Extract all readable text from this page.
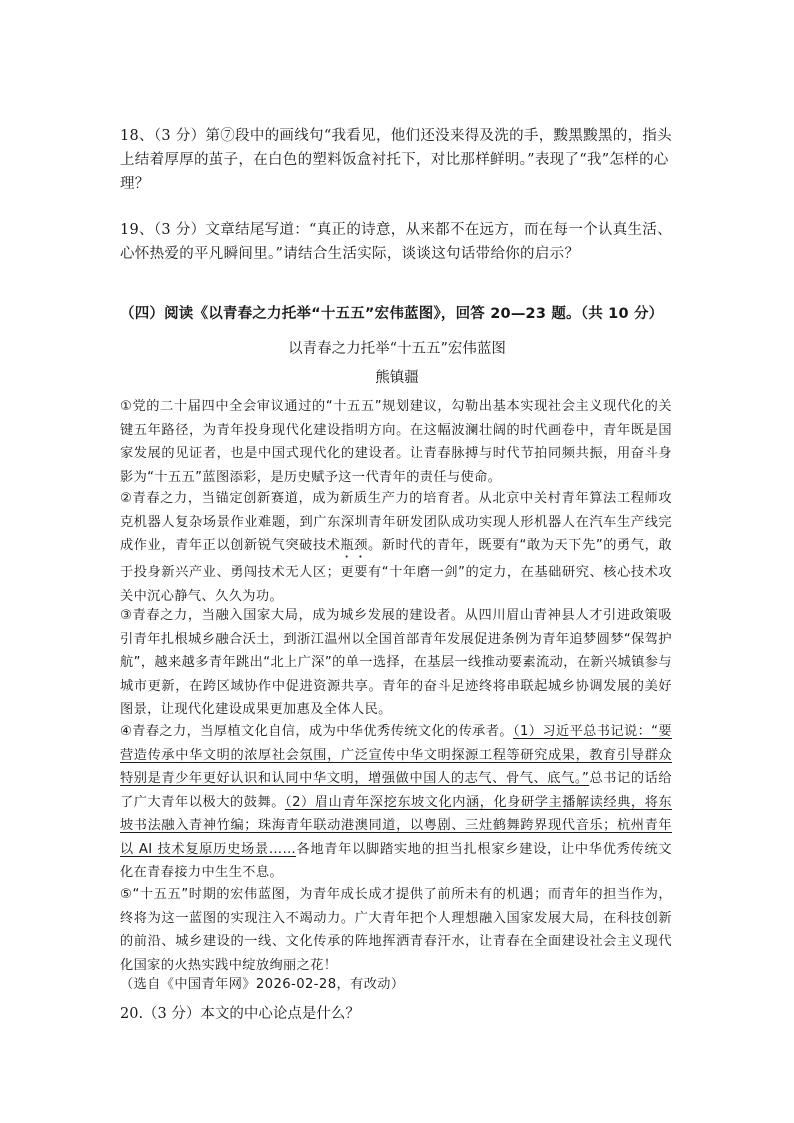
18、（3 分）第⑦段中的画线句“我看见，他们还没来得及洗的手，黢黑黢黑的，指头上结着厚厚的茧子，在白色的塑料饭盒衬托下，对比那样鲜明。”表现了“我”怎样的心理？
19、（3 分）文章结尾写道：“真正的诗意，从来都不在远方，而在每一个认真生活、心怀热爱的平凡瞬间里。”请结合生活实际，谈谈这句话带给你的启示？
（四）阅读《以青春之力托举“十五五”宏伟蓝图》，回答 20—23 题。（共 10 分）
以青春之力托举“十五五”宏伟蓝图
熊镇疆
①党的二十届四中全会审议通过的“十五五”规划建议，勾勒出基本实现社会主义现代化的关键五年路径，为青年投身现代化建设指明方向。在这幅波澜壮阔的时代画卷中，青年既是国家发展的见证者，也是中国式现代化的建设者。让青春脉搏与时代节拍同频共振，用奋斗身影为“十五五”蓝图添彩，是历史赋予这一代青年的责任与使命。
②青春之力，当锚定创新赛道，成为新质生产力的培育者。从北京中关村青年算法工程师攻克机器人复杂场景作业难题，到广东深圳青年研发团队成功实现人形机器人在汽车生产线完成作业，青年正以创新锐气突破技术瓶颈。新时代的青年，既要有“敢为天下先”的勇气，敢于投身新兴产业、勇闯技术无人区；更要有“十年磨一剑”的定力，在基础研究、核心技术攻关中沉心静气、久久为功。
③青春之力，当融入国家大局，成为城乡发展的建设者。从四川眉山青神县人才引进政策吸引青年扎根城乡融合沃土，到浙江温州以全国首部青年发展促进条例为青年追梦圆梦“保驾护航”，越来越多青年跳出“北上广深”的单一选择，在基层一线推动要素流动，在新兴城镇参与城市更新，在跨区域协作中促进资源共享。青年的奋斗足迹终将串联起城乡协调发展的美好图景，让现代化建设成果更加惠及全体人民。
④青春之力，当厚植文化自信，成为中华优秀传统文化的传承者。（1）习近平总书记说：“要营造传承中华文明的浓厚社会氛围，广泛宣传中华文明探源工程等研究成果，教育引导群众特别是青少年更好认识和认同中华文明，增强做中国人的志气、骨气、底气。”总书记的话给了广大青年以极大的鼓舞。（2）眉山青年深挖东坡文化内涵，化身研学主播解读经典，将东坡书法融入青神竹编；珠海青年联动港澳同道，以粤剧、三灶鹤舞跨界现代音乐；杭州青年以 AI 技术复原历史场景……各地青年以脚踏实地的担当扎根家乡建设，让中华优秀传统文化在青春接力中生生不息。
⑤“十五五”时期的宏伟蓝图，为青年成长成才提供了前所未有的机遇；而青年的担当作为，终将为这一蓝图的实现注入不竭动力。广大青年把个人理想融入国家发展大局，在科技创新的前沿、城乡建设的一线、文化传承的阵地挥洒青春汗水，让青春在全面建设社会主义现代化国家的火热实践中绽放绚丽之花！
（选自《中国青年网》2026-02-28，有改动）
20.（3 分）本文的中心论点是什么？
